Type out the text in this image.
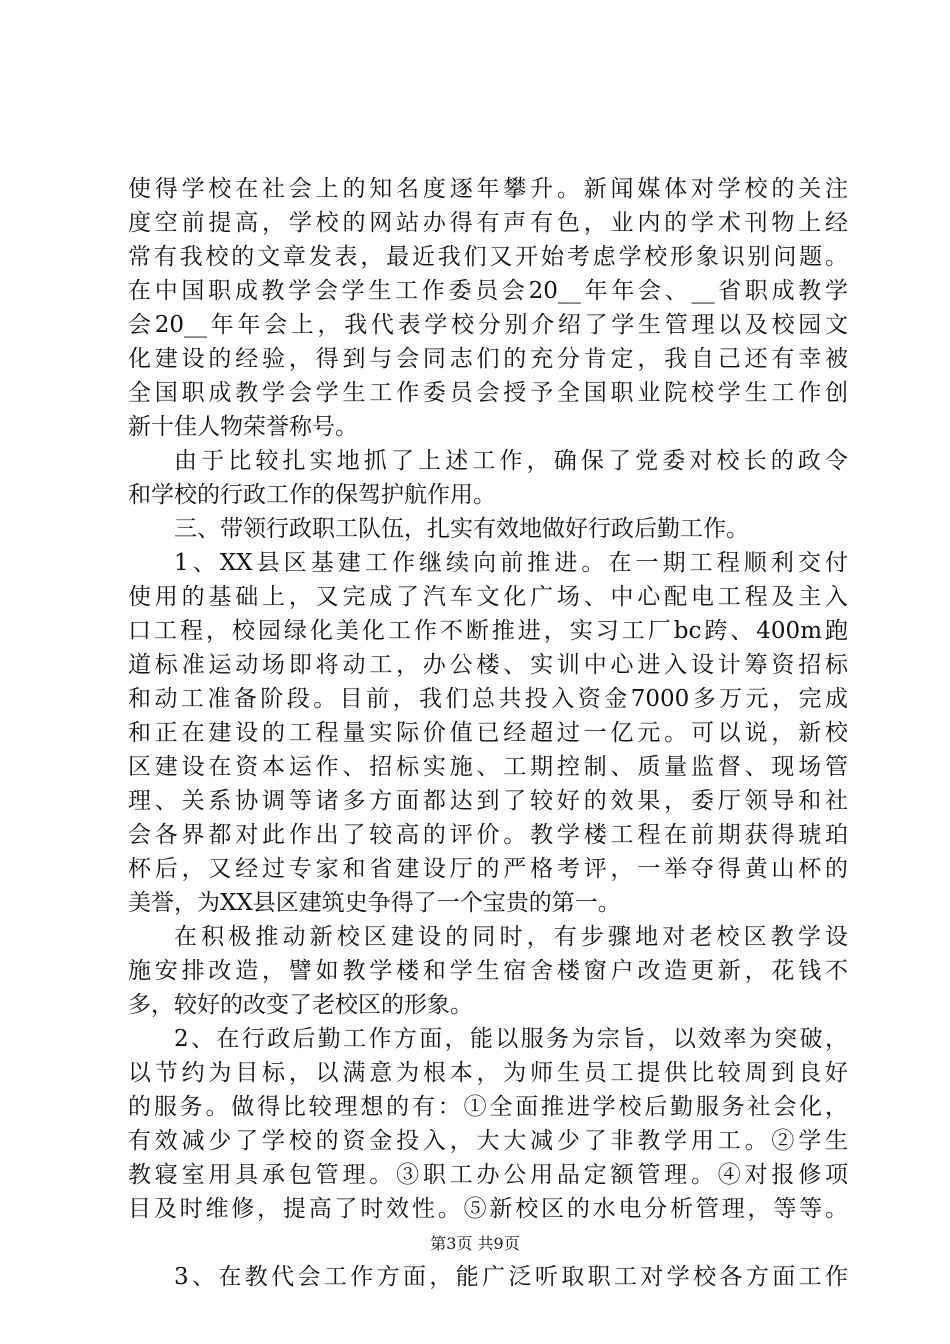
使得学校在社会上的知名度逐年攀升。新闻媒体对学校的关注
度空前提高，学校的网站办得有声有色，业内的学术刊物上经
常有我校的文章发表，最近我们又开始考虑学校形象识别问题。
在中国职成教学会学生工作委员会20__年年会、__省职成教学
会20__年年会上，我代表学校分别介绍了学生管理以及校园文
化建设的经验，得到与会同志们的充分肯定，我自己还有幸被
全国职成教学会学生工作委员会授予全国职业院校学生工作创
新十佳人物荣誉称号。
由于比较扎实地抓了上述工作，确保了党委对校长的政令
和学校的行政工作的保驾护航作用。
三、带领行政职工队伍，扎实有效地做好行政后勤工作。
1、XX县区基建工作继续向前推进。在一期工程顺利交付
使用的基础上，又完成了汽车文化广场、中心配电工程及主入
口工程，校园绿化美化工作不断推进，实习工厂bc跨、400m跑
道标准运动场即将动工，办公楼、实训中心进入设计筹资招标
和动工准备阶段。目前，我们总共投入资金7000多万元，完成
和正在建设的工程量实际价值已经超过一亿元。可以说，新校
区建设在资本运作、招标实施、工期控制、质量监督、现场管
理、关系协调等诸多方面都达到了较好的效果，委厅领导和社
会各界都对此作出了较高的评价。教学楼工程在前期获得琥珀
杯后，又经过专家和省建设厅的严格考评，一举夺得黄山杯的
美誉，为XX县区建筑史争得了一个宝贵的第一。
在积极推动新校区建设的同时，有步骤地对老校区教学设
施安排改造，譬如教学楼和学生宿舍楼窗户改造更新，花钱不
多，较好的改变了老校区的形象。
2、在行政后勤工作方面，能以服务为宗旨，以效率为突破，
以节约为目标，以满意为根本，为师生员工提供比较周到良好
的服务。做得比较理想的有：①全面推进学校后勤服务社会化，
有效减少了学校的资金投入，大大减少了非教学用工。②学生
教寝室用具承包管理。③职工办公用品定额管理。④对报修项
目及时维修，提高了时效性。⑤新校区的水电分析管理，等等。
3、在教代会工作方面，能广泛听取职工对学校各方面工作
第3页 共9页
